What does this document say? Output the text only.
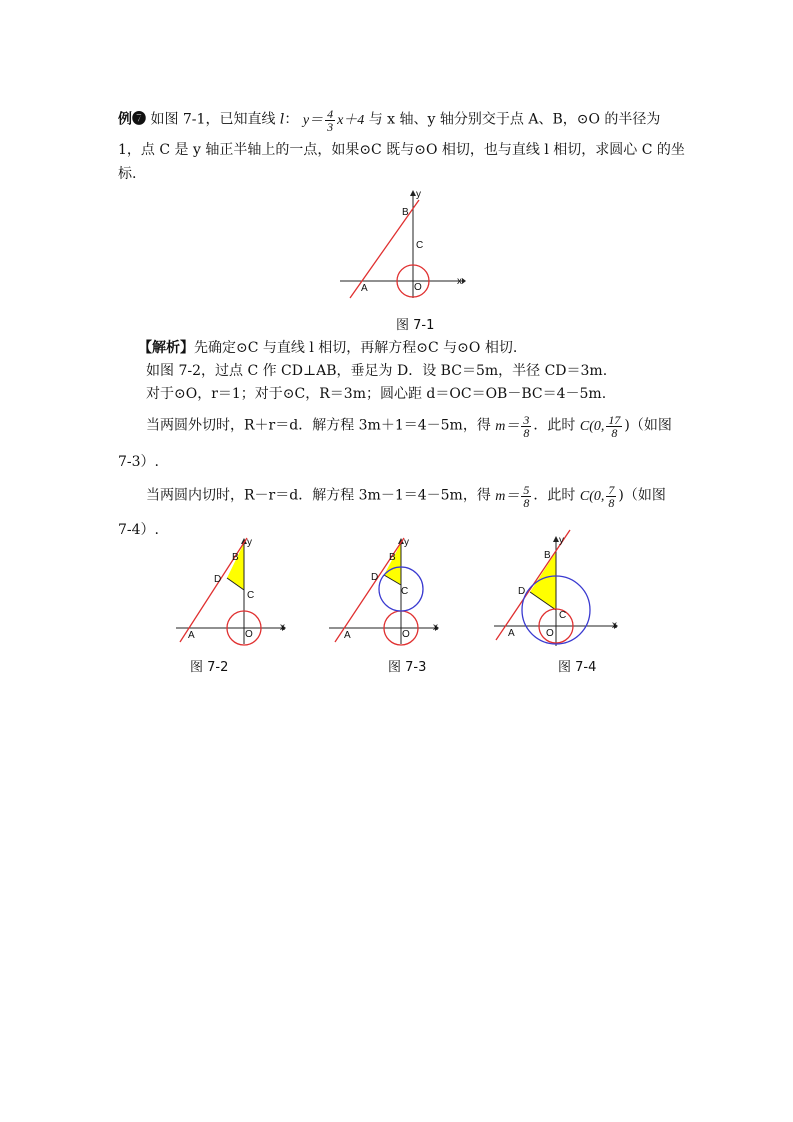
例❼ 如图 7-1，已知直线 l： $y= \frac{4}{3} x+4$ 与 x 轴、y 轴分别交于点 A、B，⊙O 的半径为
1，点 C 是 y 轴正半轴上的一点，如果⊙C 既与⊙O 相切，也与直线 l 相切，求圆心 C 的坐
标.
B
C
A	O
y
x
图 7-1
【解析】先确定⊙C 与直线 l 相切，再解方程⊙C 与⊙O 相切.
如图 7-2，过点 C 作 CD⊥AB，垂足为 D．设 BC＝5m，半径 CD＝3m.
对于⊙O，r＝1；对于⊙C，R＝3m；圆心距 d＝OC＝OB－BC＝4－5m.
当两圆外切时，R＋r＝d．解方程 3m＋1＝4－5m，得 $m= \frac{3}{8}$ ．此时 C(0, $\frac{17}{8}$ )（如图
7-3）.
当两圆内切时，R－r＝d．解方程 3m－1＝4－5m，得 $m= \frac{5}{8}$ ．此时 C(0, $\frac{7}{8}$ )（如图
7-4）.
B
D
C
A	O
y
x
图 7-2
B
D
C
A	O
y
x
图 7-3
B
D
C
A	O
y
x
图 7-4
